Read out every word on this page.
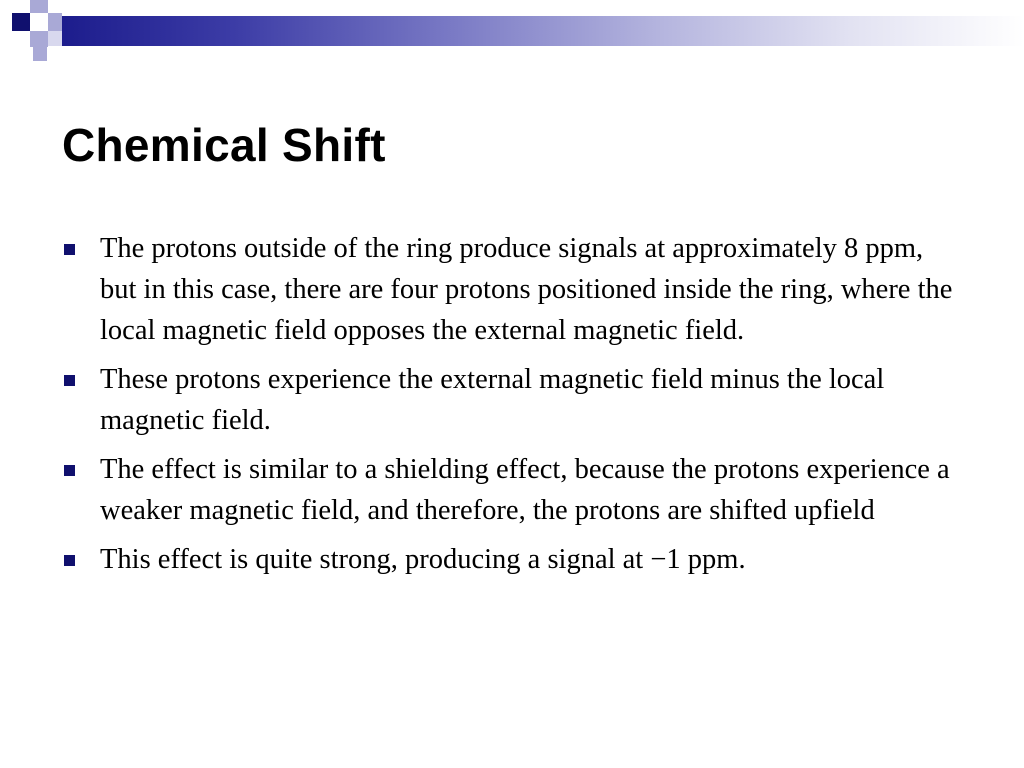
Chemical Shift
The protons outside of the ring produce signals at approximately 8 ppm, but in this case, there are four protons positioned inside the ring, where the local magnetic field opposes the external magnetic field.
These protons experience the external magnetic field minus the local magnetic field.
The effect is similar to a shielding effect, because the protons experience a weaker magnetic field, and therefore, the protons are shifted upfield
This effect is quite strong, producing a signal at −1 ppm.
